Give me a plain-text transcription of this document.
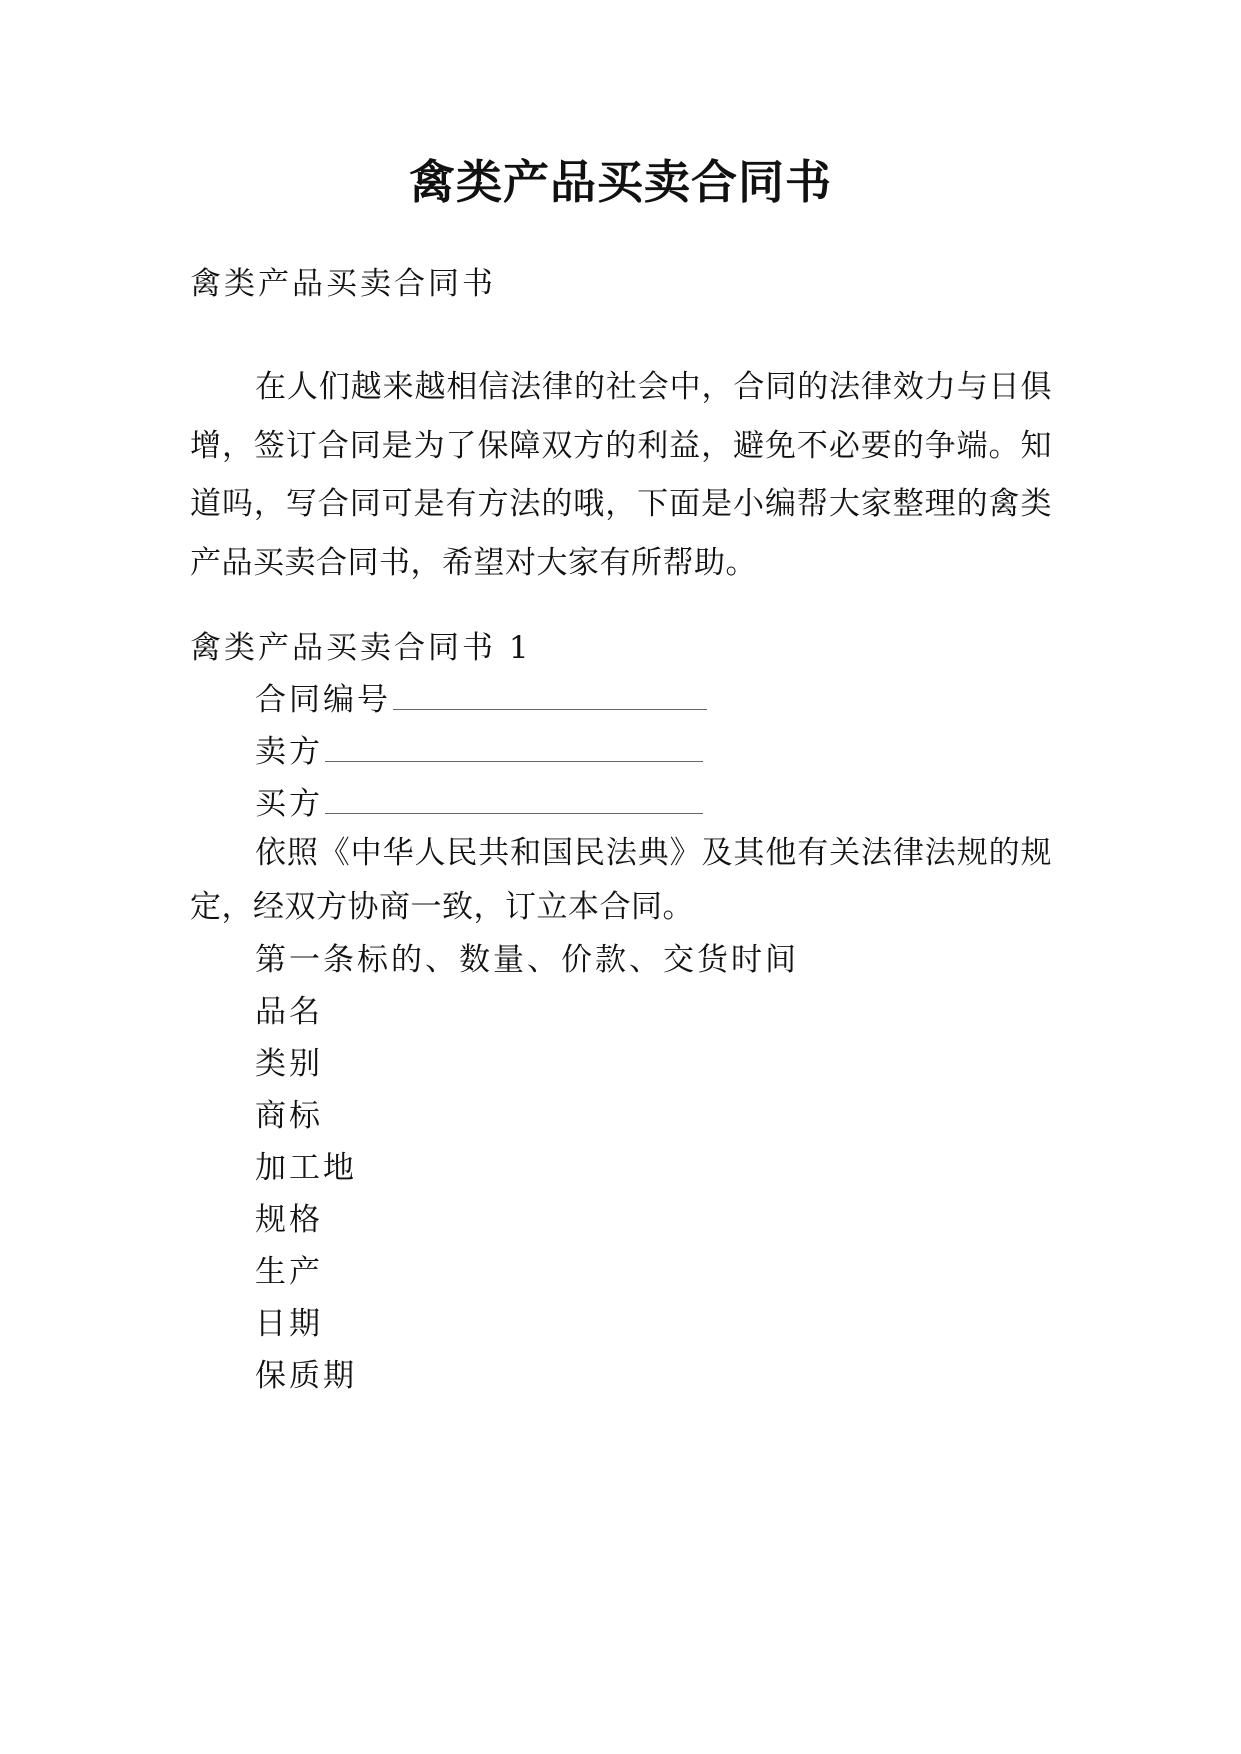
禽类产品买卖合同书
禽类产品买卖合同书
在人们越来越相信法律的社会中，合同的法律效力与日俱增，签订合同是为了保障双方的利益，避免不必要的争端。知道吗，写合同可是有方法的哦，下面是小编帮大家整理的禽类产品买卖合同书，希望对大家有所帮助。
禽类产品买卖合同书 1
合同编号
卖方
买方
依照《中华人民共和国民法典》及其他有关法律法规的规定，经双方协商一致，订立本合同。
第一条标的、数量、价款、交货时间
品名
类别
商标
加工地
规格
生产
日期
保质期
